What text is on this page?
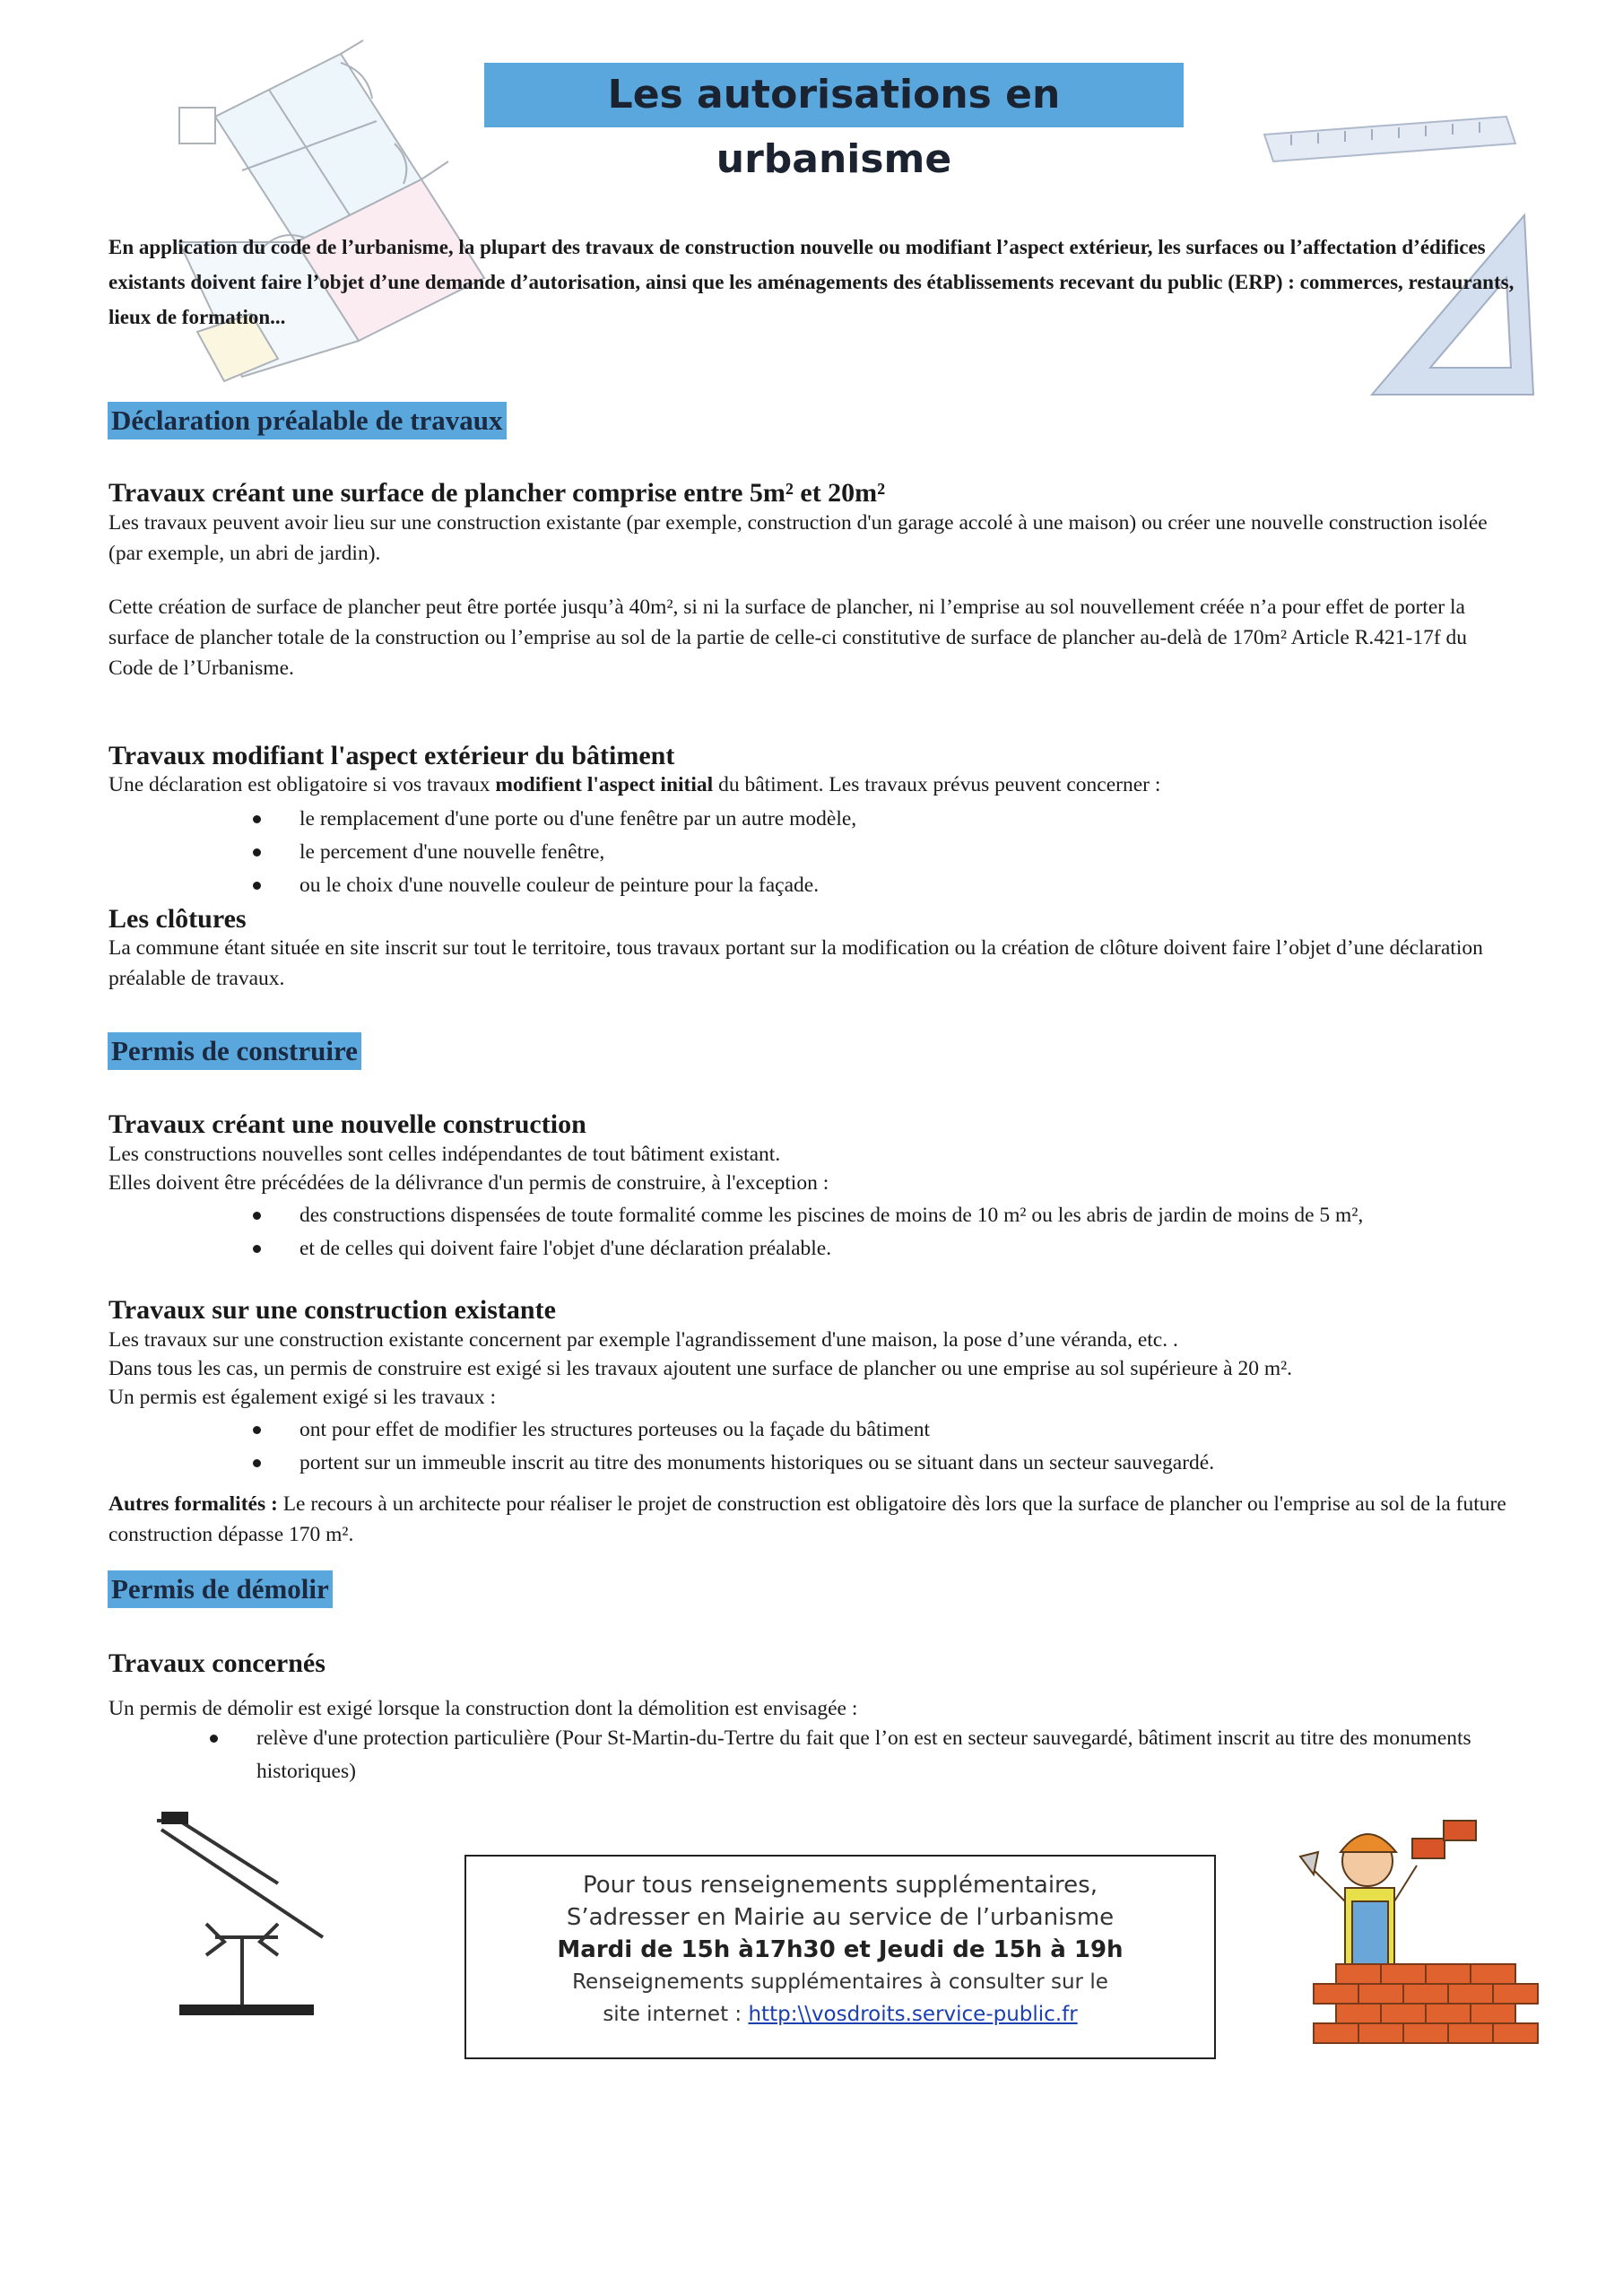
Les autorisations en urbanisme
En application du code de l’urbanisme, la plupart des travaux de construction nouvelle ou modifiant l’aspect extérieur, les surfaces ou l’affectation d’édifices existants doivent faire l’objet d’une demande d’autorisation, ainsi que les aménagements des établissements recevant du public (ERP) : commerces, restaurants, lieux de formation...
Déclaration préalable de travaux
Travaux créant une surface de plancher comprise entre 5m² et 20m²
Les travaux peuvent avoir lieu sur une construction existante (par exemple, construction d'un garage accolé à une maison) ou créer une nouvelle construction isolée (par exemple, un abri de jardin).
Cette création de surface de plancher peut être portée jusqu’à 40m², si ni la surface de plancher, ni l’emprise au sol nouvellement créée n’a pour effet de porter la surface de plancher totale de la construction ou l’emprise au sol de la partie de celle-ci constitutive de surface de plancher au-delà de 170m² Article R.421-17f du Code de l’Urbanisme.
Travaux modifiant l'aspect extérieur du bâtiment
Une déclaration est obligatoire si vos travaux modifient l'aspect initial du bâtiment. Les travaux prévus peuvent concerner :
le remplacement d'une porte ou d'une fenêtre par un autre modèle,
le percement d'une nouvelle fenêtre,
ou le choix d'une nouvelle couleur de peinture pour la façade.
Les clôtures
La commune étant située en site inscrit sur tout le territoire, tous travaux portant sur la modification ou la création de clôture doivent faire l’objet d’une déclaration préalable de travaux.
Permis de construire
Travaux créant une nouvelle construction
Les constructions nouvelles sont celles indépendantes de tout bâtiment existant.
Elles doivent être précédées de la délivrance d'un permis de construire, à l'exception :
des constructions dispensées de toute formalité comme les piscines de moins de 10 m² ou les abris de jardin de moins de 5 m²,
et de celles qui doivent faire l'objet d'une déclaration préalable.
Travaux sur une construction existante
Les travaux sur une construction existante concernent par exemple l'agrandissement d'une maison, la pose d’une véranda, etc. .
Dans tous les cas, un permis de construire est exigé si les travaux ajoutent une surface de plancher ou une emprise au sol supérieure à 20 m².
Un permis est également exigé si les travaux :
ont pour effet de modifier les structures porteuses ou la façade du bâtiment
portent sur un immeuble inscrit au titre des monuments historiques ou se situant dans un secteur sauvegardé.
Autres formalités : Le recours à un architecte pour réaliser le projet de construction est obligatoire dès lors que la surface de plancher ou l'emprise au sol de la future construction dépasse 170 m².
Permis de démolir
Travaux concernés
Un permis de démolir est exigé lorsque la construction dont la démolition est envisagée :
relève d'une protection particulière (Pour St-Martin-du-Tertre du fait que l’on est en secteur sauvegardé, bâtiment inscrit au titre des monuments historiques)
Pour tous renseignements supplémentaires,
S’adresser en Mairie au service de l’urbanisme
Mardi de 15h à17h30 et Jeudi de 15h à 19h
Renseignements supplémentaires à consulter sur le
site internet : http:\\vosdroits.service-public.fr
